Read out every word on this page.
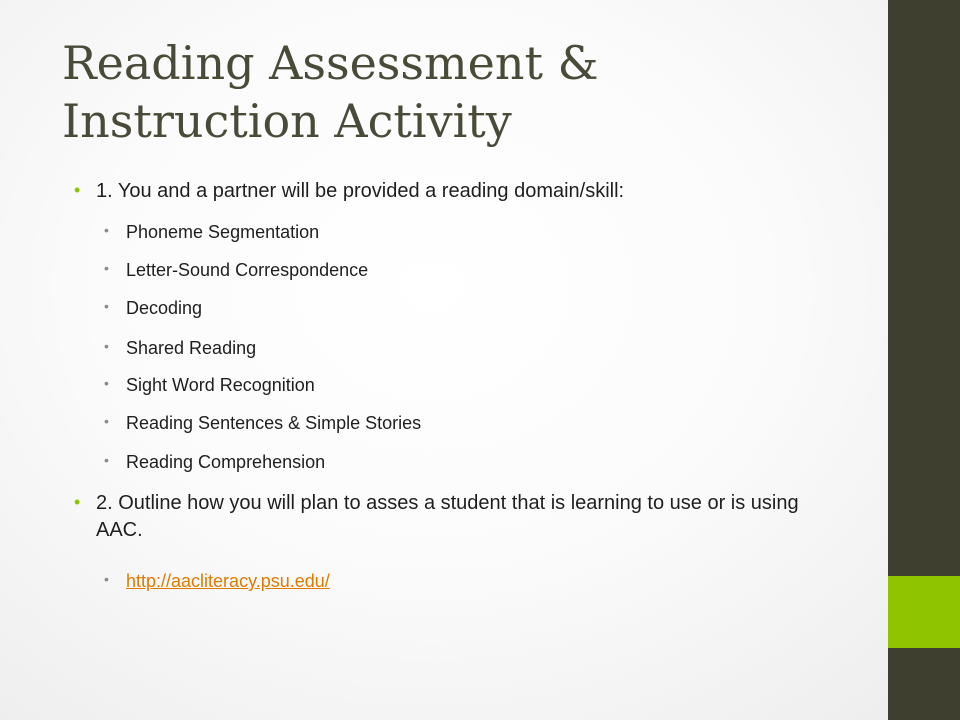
Reading Assessment &
Instruction Activity
• 1. You and a partner will be provided a reading domain/skill:
• Phoneme Segmentation
• Letter-Sound Correspondence
• Decoding
• Shared Reading
• Sight Word Recognition
• Reading Sentences & Simple Stories
• Reading Comprehension
• 2. Outline how you will plan to asses a student that is learning to use or is using AAC.
• http://aacliteracy.psu.edu/
